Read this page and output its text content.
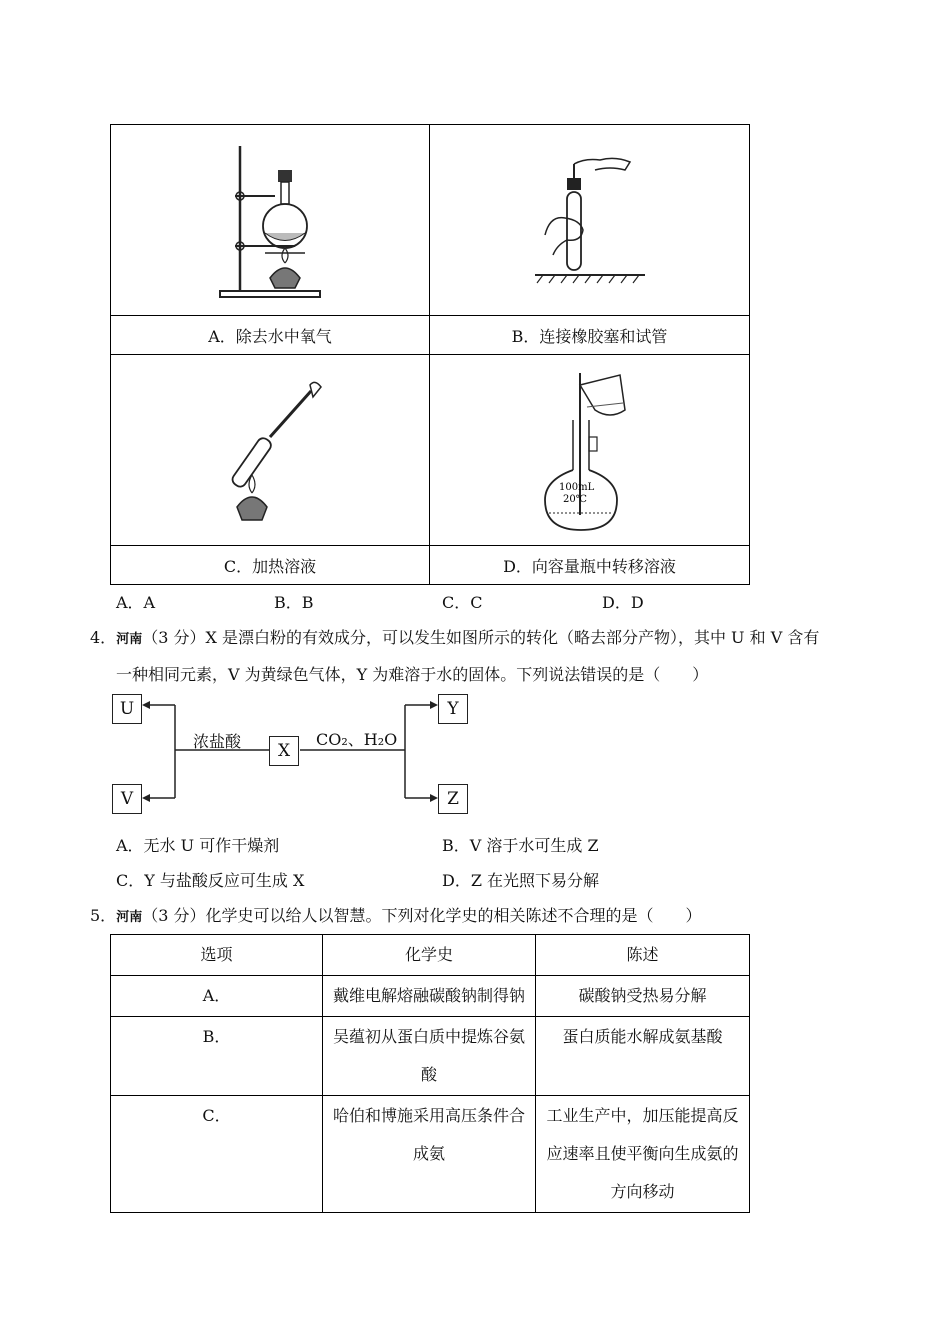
A．除去水中氧气	B．连接橡胶塞和试管

100mL
20℃

C．加热溶液	D．向容量瓶中转移溶液
A．A	B．B	C．C	D．D
4．河南（3 分）X 是漂白粉的有效成分，可以发生如图所示的转化（略去部分产物），其中 U 和 V 含有
一种相同元素，V 为黄绿色气体，Y 为难溶于水的固体。下列说法错误的是（　　）
U
V
X
Y
Z
浓盐酸	CO₂、H₂O
A．无水 U 可作干燥剂	B．V 溶于水可生成 Z
C．Y 与盐酸反应可生成 X	D．Z 在光照下易分解
5．河南（3 分）化学史可以给人以智慧。下列对化学史的相关陈述不合理的是（　　）
选项	化学史	陈述
A．	戴维电解熔融碳酸钠制得钠	碳酸钠受热易分解
B．	吴蕴初从蛋白质中提炼谷氨酸	蛋白质能水解成氨基酸
C．	哈伯和博施采用高压条件合成氨	工业生产中，加压能提高反应速率且使平衡向生成氨的方向移动
